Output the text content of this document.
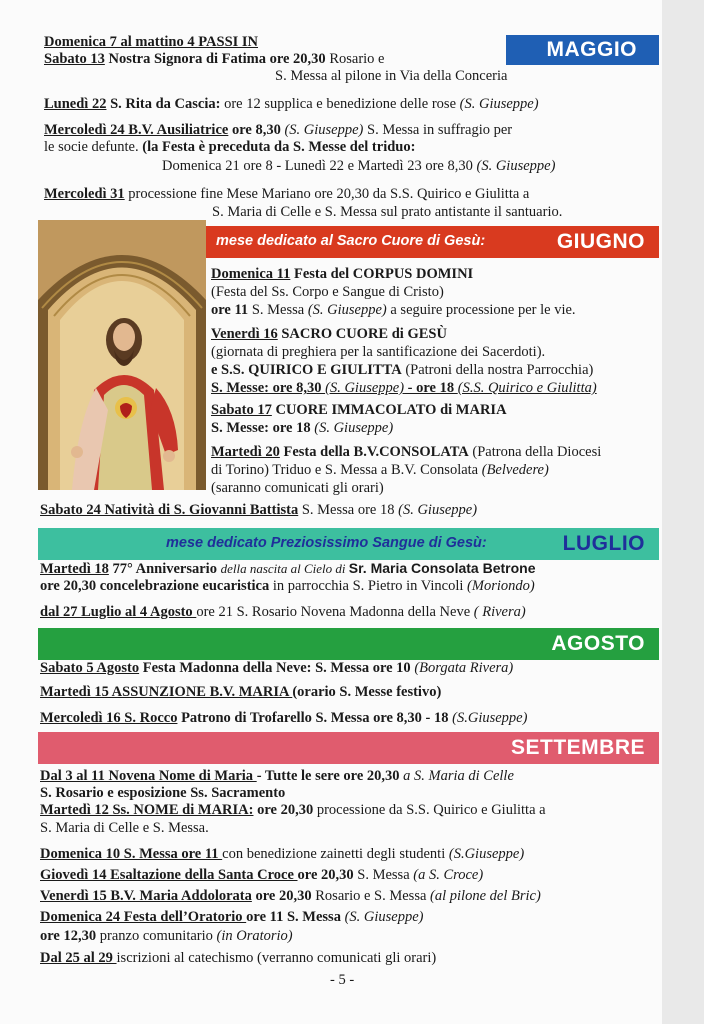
MAGGIO
Domenica 7 al mattino 4 PASSI IN
Sabato 13 Nostra Signora di Fatima ore 20,30 Rosario e
S. Messa al pilone in Via della Conceria
Lunedì 22 S. Rita da Cascia: ore 12 supplica e benedizione delle rose (S. Giuseppe)
Mercoledì 24 B.V. Ausiliatrice ore 8,30 (S. Giuseppe) S. Messa in suffragio per
le socie defunte. (la Festa è preceduta da S. Messe del triduo:
Domenica 21 ore 8 - Lunedì 22 e Martedì 23 ore 8,30 (S. Giuseppe)
Mercoledì 31 processione fine Mese Mariano ore 20,30 da S.S. Quirico e Giulitta a
S. Maria di Celle e S. Messa sul prato antistante il santuario.
mese dedicato al Sacro Cuore di Gesù:	GIUGNO
Domenica 11 Festa del CORPUS DOMINI
(Festa del Ss. Corpo e Sangue di Cristo)
ore 11 S. Messa (S. Giuseppe) a seguire processione per le vie.
Venerdì 16 SACRO CUORE di GESÙ
(giornata di preghiera per la santificazione dei Sacerdoti).
e S.S. QUIRICO E GIULITTA (Patroni della nostra Parrocchia)
S. Messe: ore 8,30 (S. Giuseppe) - ore 18 (S.S. Quirico e Giulitta)
Sabato 17 CUORE IMMACOLATO di MARIA
S. Messe: ore 18 (S. Giuseppe)
Martedì 20 Festa della B.V.CONSOLATA (Patrona della Diocesi
di Torino) Triduo e S. Messa a B.V. Consolata (Belvedere)
(saranno comunicati gli orari)
Sabato 24 Natività di S. Giovanni Battista S. Messa ore 18 (S. Giuseppe)
mese dedicato Preziosissimo Sangue di Gesù:	LUGLIO
Martedì 18 77° Anniversario della nascita al Cielo di Sr. Maria Consolata Betrone
ore 20,30 concelebrazione eucaristica in parrocchia S. Pietro in Vincoli (Moriondo)
dal 27 Luglio al 4 Agosto ore 21 S. Rosario Novena Madonna della Neve ( Rivera)
AGOSTO
Sabato 5 Agosto Festa Madonna della Neve: S. Messa ore 10 (Borgata Rivera)
Martedì 15 ASSUNZIONE B.V. MARIA (orario S. Messe festivo)
Mercoledì 16 S. Rocco Patrono di Trofarello S. Messa ore 8,30 - 18 (S.Giuseppe)
SETTEMBRE
Dal 3 al 11 Novena Nome di Maria - Tutte le sere ore 20,30 a S. Maria di Celle
S. Rosario e esposizione Ss. Sacramento
Martedì 12 Ss. NOME di MARIA: ore 20,30 processione da S.S. Quirico e Giulitta a
S. Maria di Celle e S. Messa.
Domenica 10 S. Messa ore 11 con benedizione zainetti degli studenti (S.Giuseppe)
Giovedì 14 Esaltazione della Santa Croce ore 20,30 S. Messa (a S. Croce)
Venerdì 15 B.V. Maria Addolorata ore 20,30 Rosario e S. Messa (al pilone del Bric)
Domenica 24 Festa dell’Oratorio ore 11 S. Messa (S. Giuseppe)
ore 12,30 pranzo comunitario (in Oratorio)
Dal 25 al 29 iscrizioni al catechismo (verranno comunicati gli orari)
- 5 -
